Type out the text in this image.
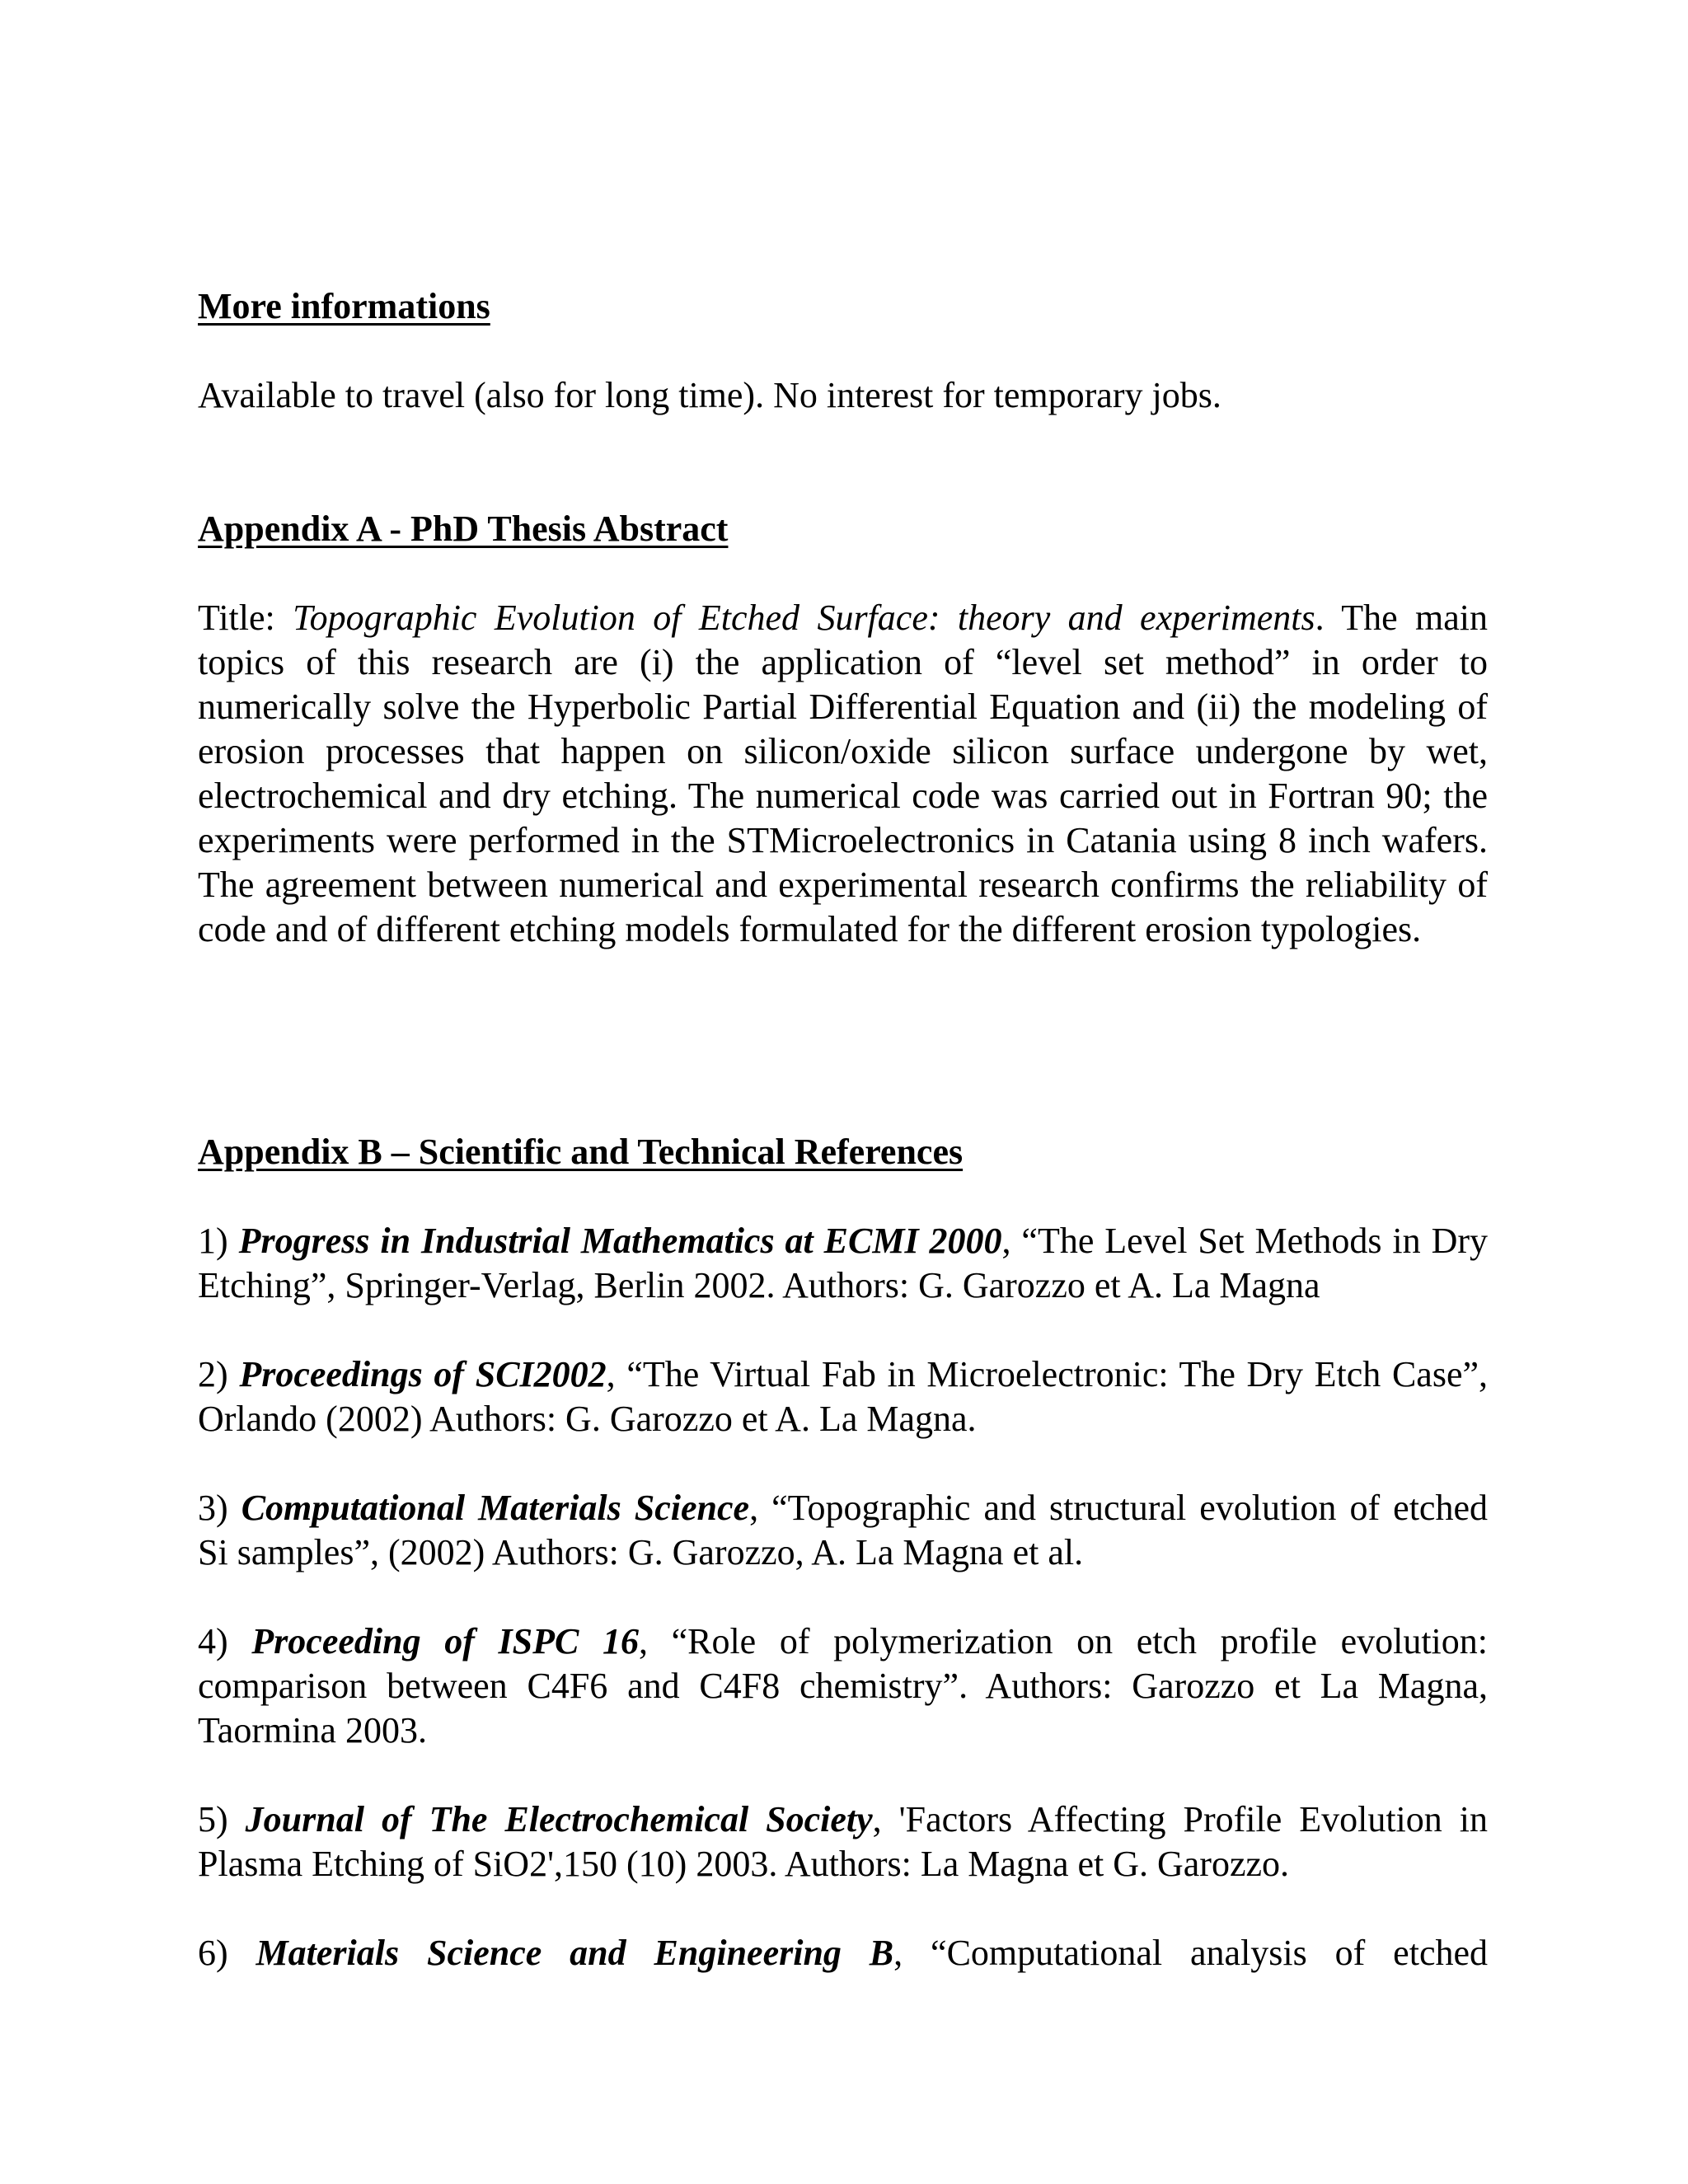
More informations

Available to travel (also for long time). No interest for temporary jobs.

Appendix A - PhD Thesis Abstract

Title: Topographic Evolution of Etched Surface: theory and experiments. The main topics of this research are (i) the application of “level set method” in order to numerically solve the Hyperbolic Partial Differential Equation and (ii) the modeling of erosion processes that happen on silicon/oxide silicon surface undergone by wet, electrochemical and dry etching. The numerical code was carried out in Fortran 90; the experiments were performed in the STMicroelectronics in Catania using 8 inch wafers. The agreement between numerical and experimental research confirms the reliability of code and of different etching models formulated for the different erosion typologies.

Appendix B – Scientific and Technical References

1) Progress in Industrial Mathematics at ECMI 2000, “The Level Set Methods in Dry Etching”, Springer-Verlag, Berlin 2002. Authors: G. Garozzo et A. La Magna

2) Proceedings of SCI2002, “The Virtual Fab in Microelectronic: The Dry Etch Case”, Orlando (2002) Authors: G. Garozzo et A. La Magna.

3) Computational Materials Science, “Topographic and structural evolution of etched Si samples”, (2002) Authors: G. Garozzo, A. La Magna et al.

4) Proceeding of ISPC 16, “Role of polymerization on etch profile evolution: comparison between C4F6 and C4F8 chemistry”. Authors: Garozzo et La Magna, Taormina 2003.

5) Journal of The Electrochemical Society, 'Factors Affecting Profile Evolution in Plasma Etching of SiO2',150 (10) 2003. Authors: La Magna et G. Garozzo.

6) Materials Science and Engineering B, “Computational analysis of etched
